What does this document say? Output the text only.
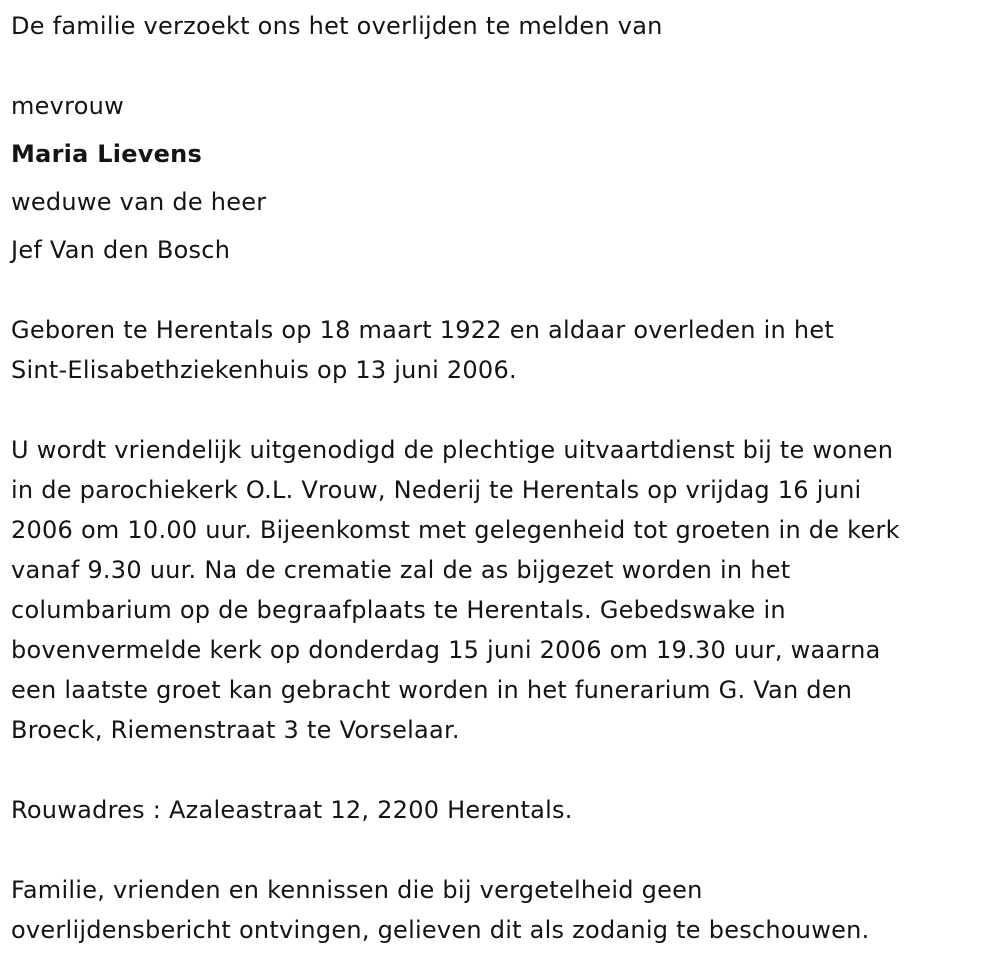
De familie verzoekt ons het overlijden te melden van
mevrouw
Maria Lievens
weduwe van de heer
Jef Van den Bosch
Geboren te Herentals op 18 maart 1922 en aldaar overleden in het
Sint-Elisabethziekenhuis op 13 juni 2006.
U wordt vriendelijk uitgenodigd de plechtige uitvaartdienst bij te wonen
in de parochiekerk O.L. Vrouw, Nederij te Herentals op vrijdag 16 juni
2006 om 10.00 uur. Bijeenkomst met gelegenheid tot groeten in de kerk
vanaf 9.30 uur. Na de crematie zal de as bijgezet worden in het
columbarium op de begraafplaats te Herentals. Gebedswake in
bovenvermelde kerk op donderdag 15 juni 2006 om 19.30 uur, waarna
een laatste groet kan gebracht worden in het funerarium G. Van den
Broeck, Riemenstraat 3 te Vorselaar.
Rouwadres : Azaleastraat 12, 2200 Herentals.
Familie, vrienden en kennissen die bij vergetelheid geen
overlijdensbericht ontvingen, gelieven dit als zodanig te beschouwen.
